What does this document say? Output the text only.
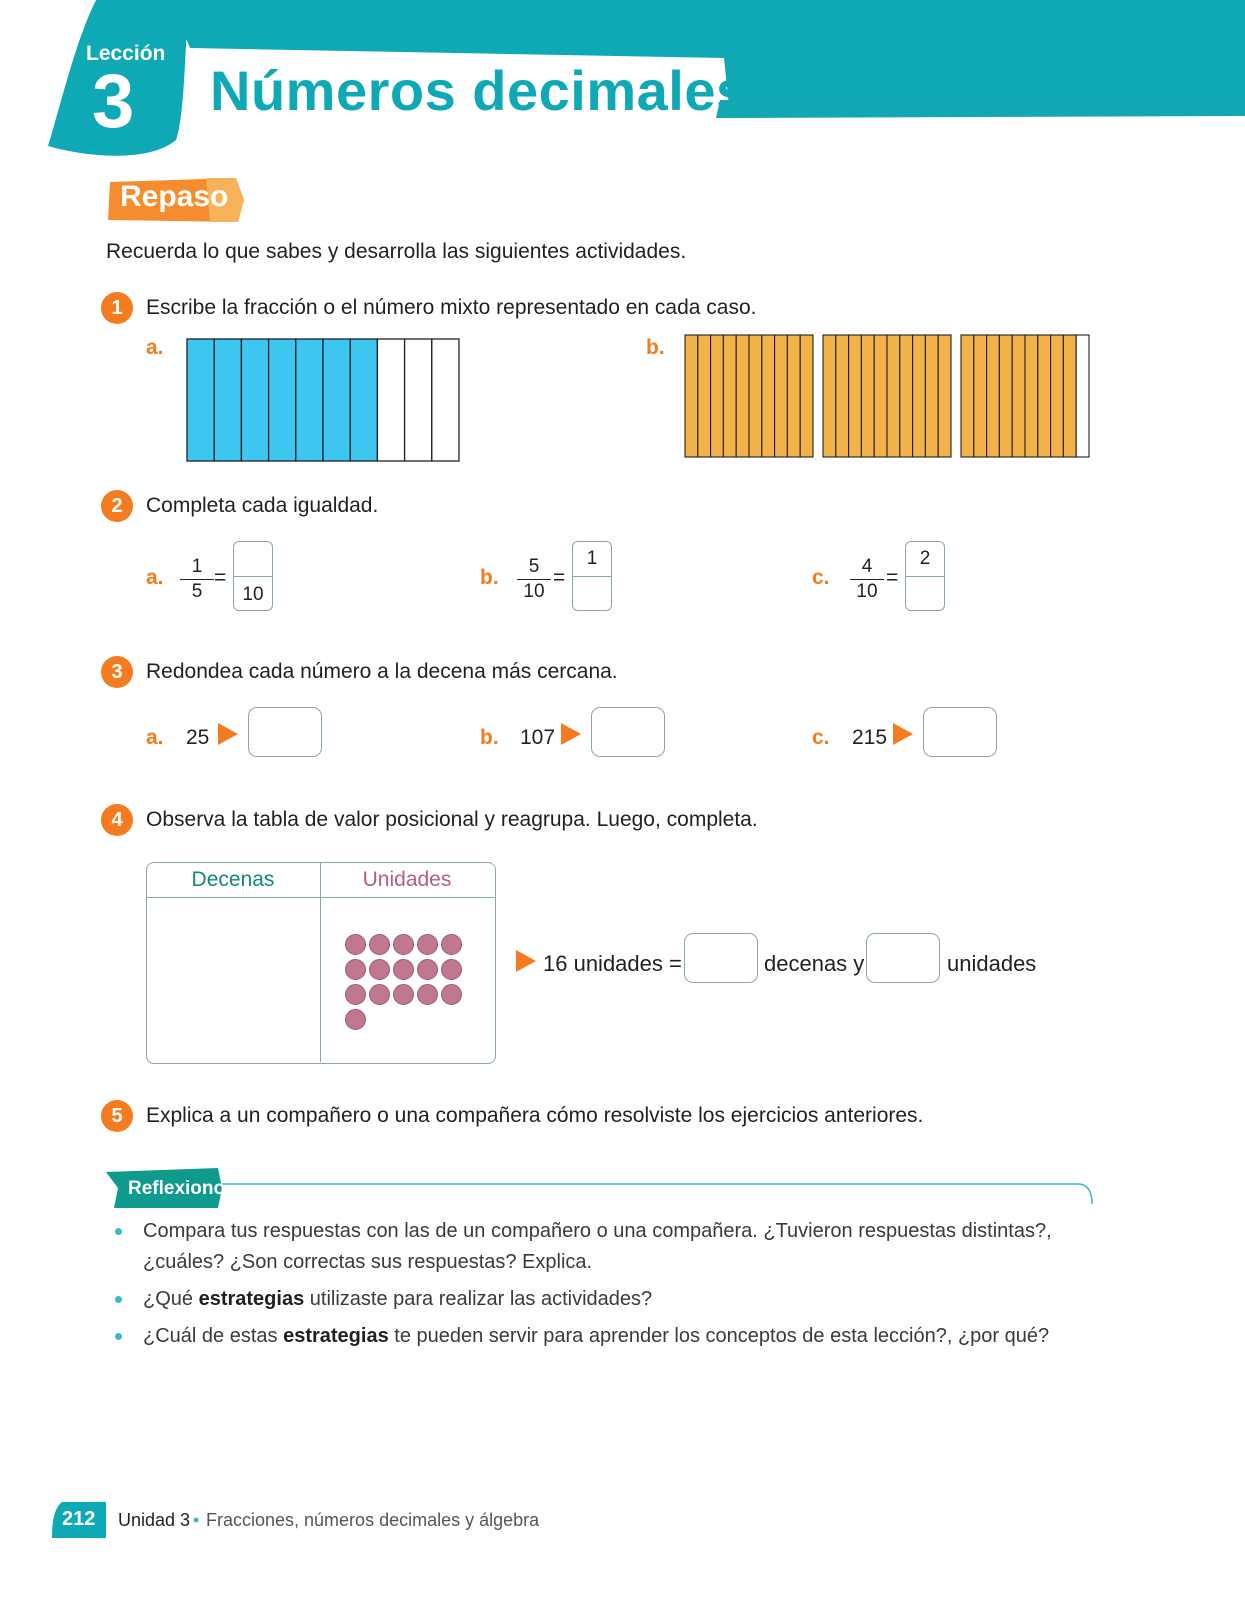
Lección
3 Números decimales
Repaso
Recuerda lo que sabes y desarrolla las siguientes actividades.
1	Escribe la fracción o el número mixto representado en cada caso.
a.	b.
2	Completa cada igualdad.
a. $\frac{1}{5}$ =
10
b. $\frac{5}{10}$ =
1
c. $\frac{4}{10}$ =
2
3	Redondea cada número a la decena más cercana.
a. 25	b. 107	c. 215
4	Observa la tabla de valor posicional y reagrupa. Luego, completa.
Decenas	Unidades
16 unidades =	decenas y	unidades
5	Explica a un compañero o una compañera cómo resolviste los ejercicios anteriores.
Reflexiono
Compara tus respuestas con las de un compañero o una compañera. ¿Tuvieron respuestas distintas?,
¿cuáles? ¿Son correctas sus respuestas? Explica.
¿Qué estrategias utilizaste para realizar las actividades?
¿Cuál de estas estrategias te pueden servir para aprender los conceptos de esta lección?, ¿por qué?
212 Unidad 3 • Fracciones, números decimales y álgebra
